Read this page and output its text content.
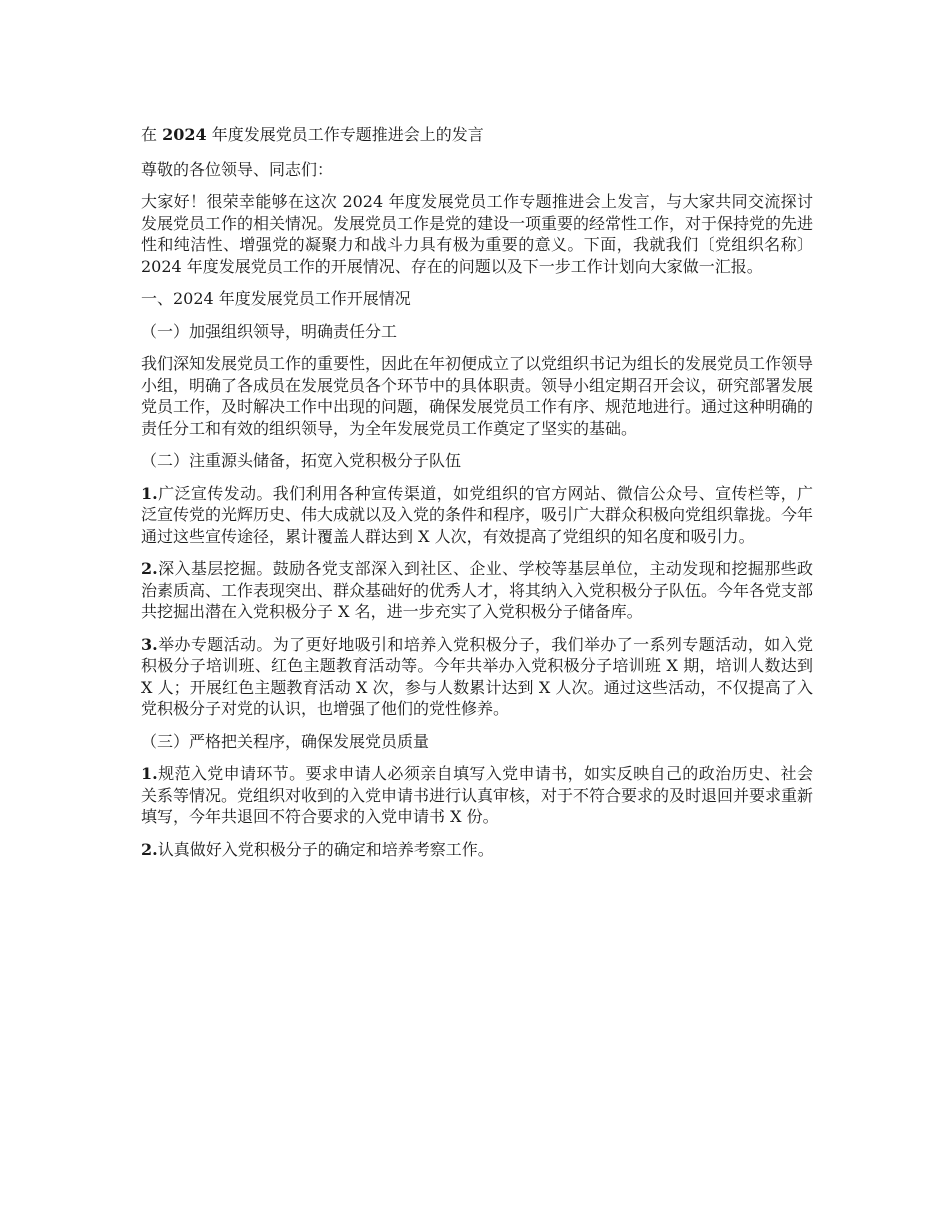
在 2024 年度发展党员工作专题推进会上的发言

尊敬的各位领导、同志们：

大家好！很荣幸能够在这次 2024 年度发展党员工作专题推进会上发言，与大家共同交流探讨发展党员工作的相关情况。发展党员工作是党的建设一项重要的经常性工作，对于保持党的先进性和纯洁性、增强党的凝聚力和战斗力具有极为重要的意义。下面，我就我们〔党组织名称〕2024 年度发展党员工作的开展情况、存在的问题以及下一步工作计划向大家做一汇报。

一、2024 年度发展党员工作开展情况

（一）加强组织领导，明确责任分工

我们深知发展党员工作的重要性，因此在年初便成立了以党组织书记为组长的发展党员工作领导小组，明确了各成员在发展党员各个环节中的具体职责。领导小组定期召开会议，研究部署发展党员工作，及时解决工作中出现的问题，确保发展党员工作有序、规范地进行。通过这种明确的责任分工和有效的组织领导，为全年发展党员工作奠定了坚实的基础。

（二）注重源头储备，拓宽入党积极分子队伍

1.广泛宣传发动。我们利用各种宣传渠道，如党组织的官方网站、微信公众号、宣传栏等，广泛宣传党的光辉历史、伟大成就以及入党的条件和程序，吸引广大群众积极向党组织靠拢。今年通过这些宣传途径，累计覆盖人群达到 X 人次，有效提高了党组织的知名度和吸引力。

2.深入基层挖掘。鼓励各党支部深入到社区、企业、学校等基层单位，主动发现和挖掘那些政治素质高、工作表现突出、群众基础好的优秀人才，将其纳入入党积极分子队伍。今年各党支部共挖掘出潜在入党积极分子 X 名，进一步充实了入党积极分子储备库。

3.举办专题活动。为了更好地吸引和培养入党积极分子，我们举办了一系列专题活动，如入党积极分子培训班、红色主题教育活动等。今年共举办入党积极分子培训班 X 期，培训人数达到 X 人；开展红色主题教育活动 X 次，参与人数累计达到 X 人次。通过这些活动，不仅提高了入党积极分子对党的认识，也增强了他们的党性修养。

（三）严格把关程序，确保发展党员质量

1.规范入党申请环节。要求申请人必须亲自填写入党申请书，如实反映自己的政治历史、社会关系等情况。党组织对收到的入党申请书进行认真审核，对于不符合要求的及时退回并要求重新填写，今年共退回不符合要求的入党申请书 X 份。

2.认真做好入党积极分子的确定和培养考察工作。
